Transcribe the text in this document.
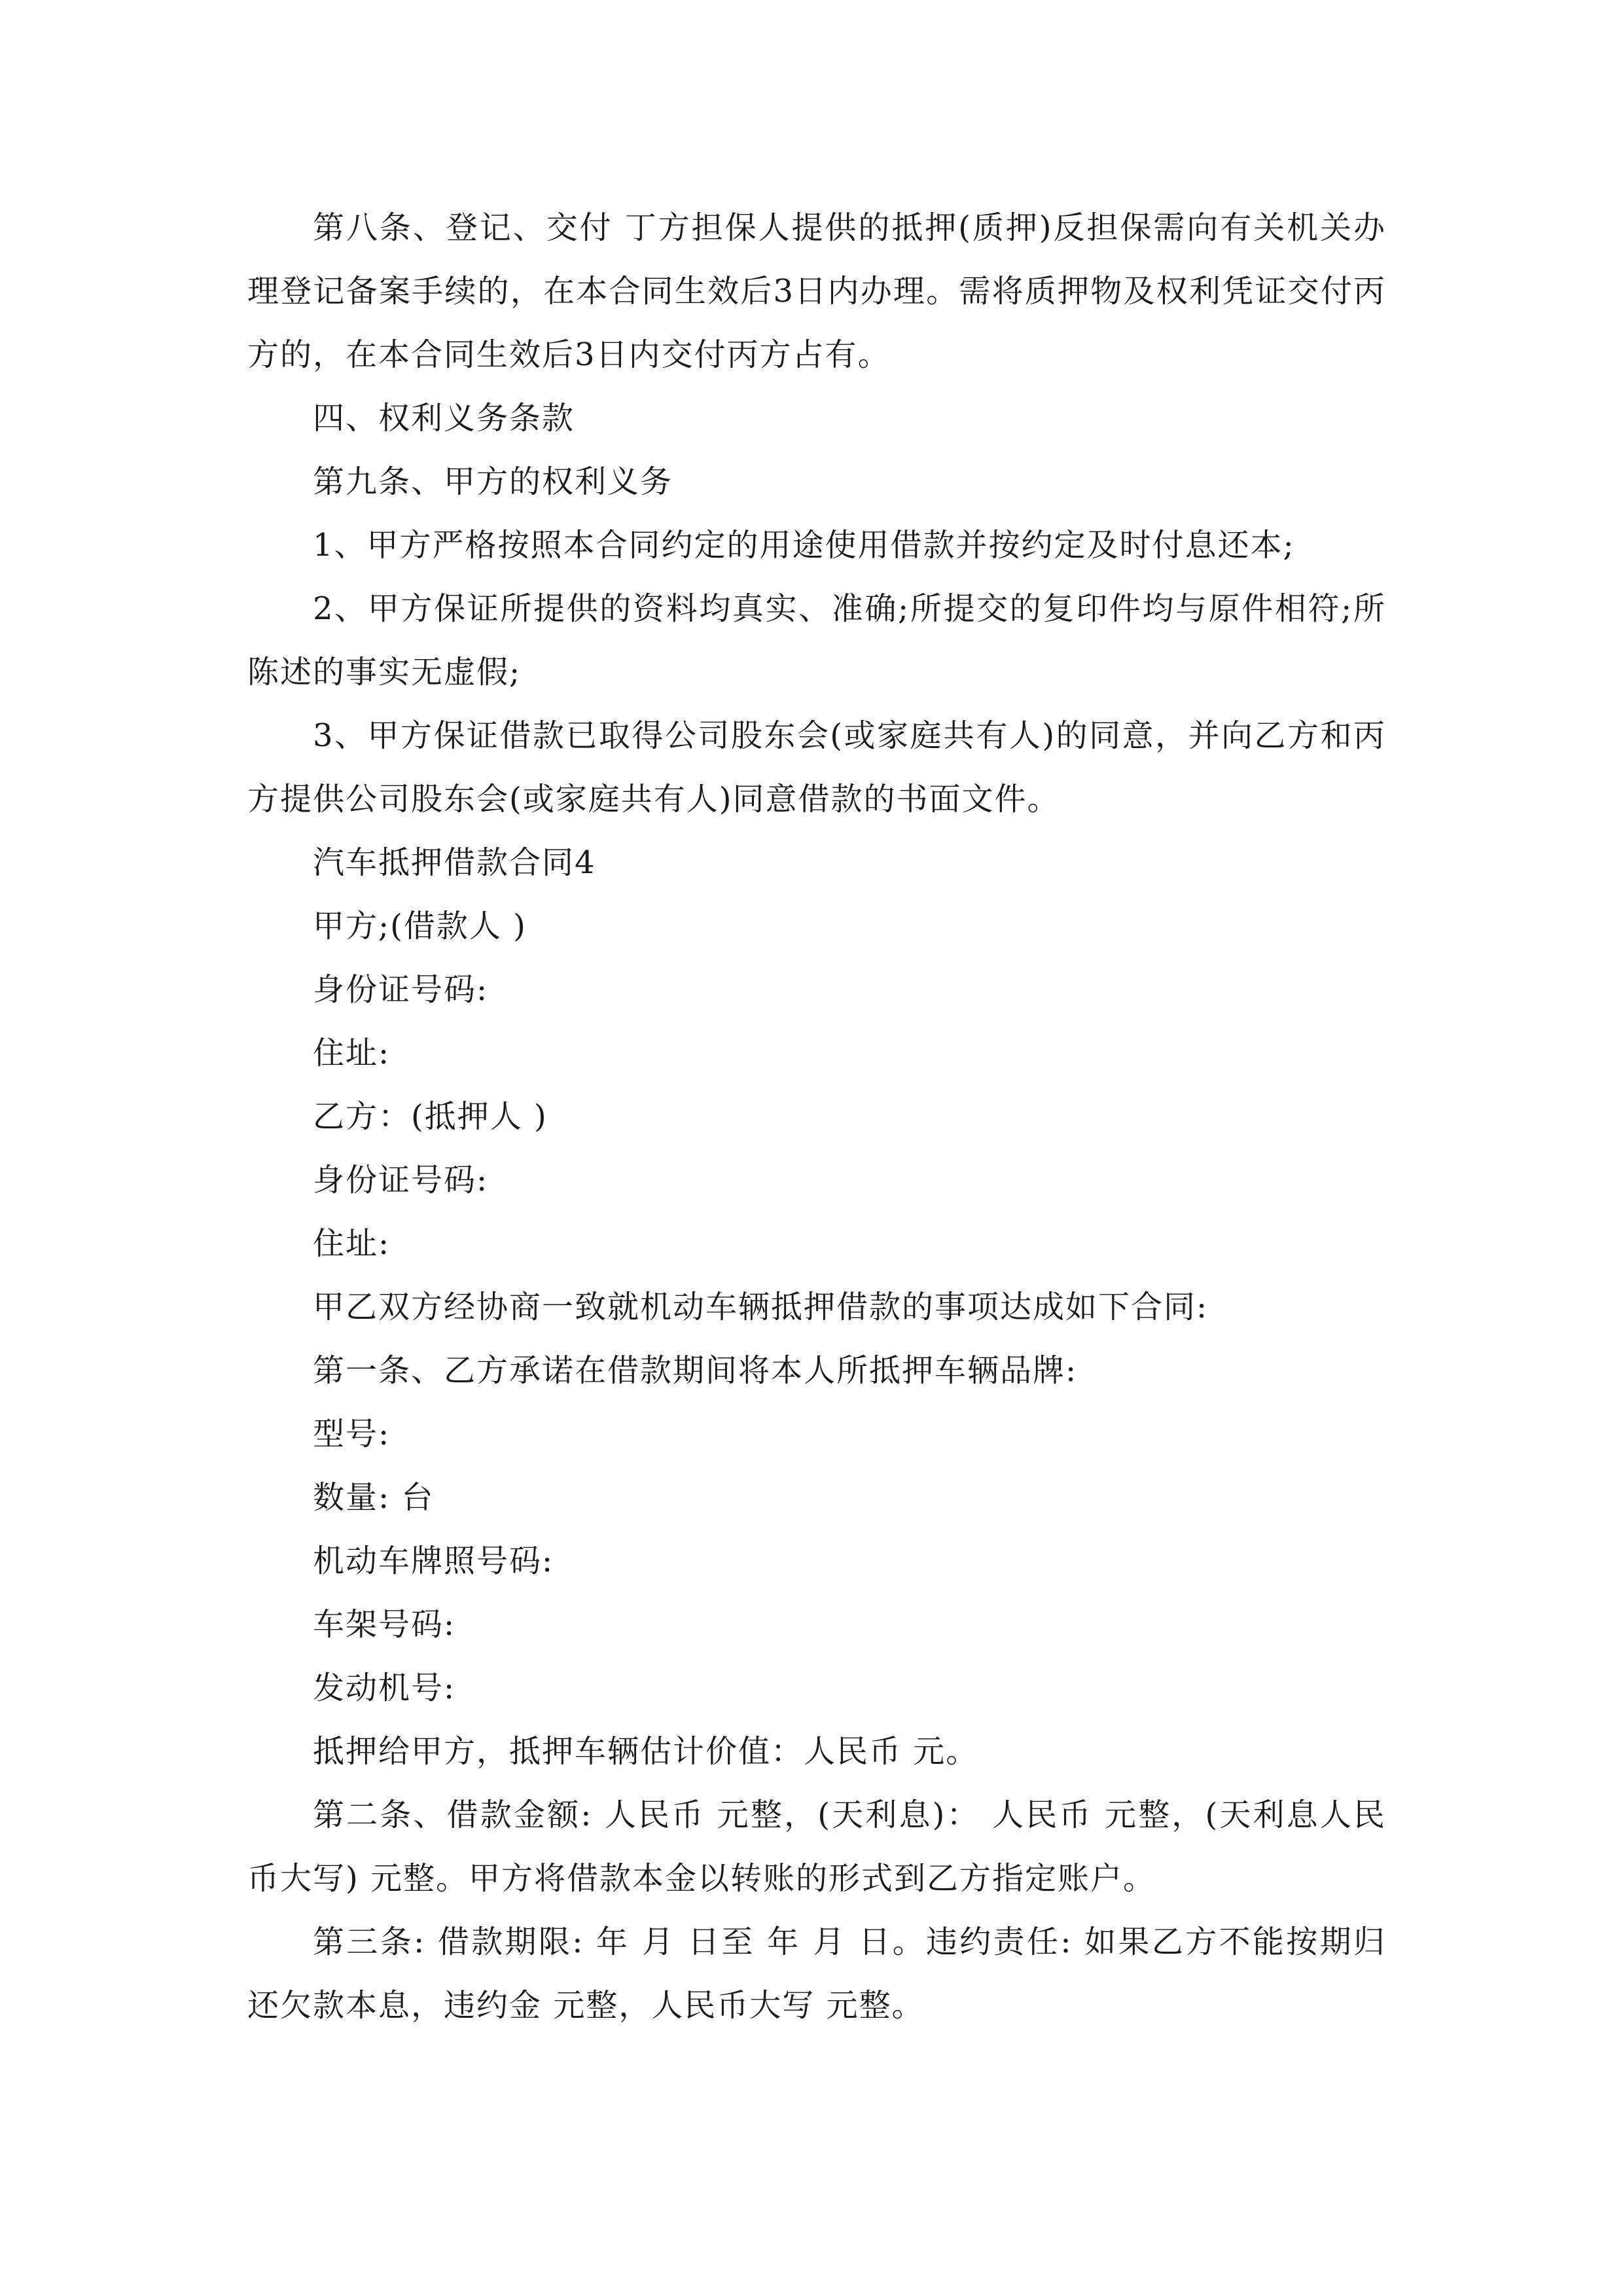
第八条、登记、交付 丁方担保人提供的抵押(质押)反担保需向有关机关办理登记备案手续的，在本合同生效后3日内办理。需将质押物及权利凭证交付丙方的，在本合同生效后3日内交付丙方占有。

四、权利义务条款

第九条、甲方的权利义务

1、甲方严格按照本合同约定的用途使用借款并按约定及时付息还本;

2、甲方保证所提供的资料均真实、准确;所提交的复印件均与原件相符;所陈述的事实无虚假;

3、甲方保证借款已取得公司股东会(或家庭共有人)的同意，并向乙方和丙方提供公司股东会(或家庭共有人)同意借款的书面文件。

汽车抵押借款合同4

甲方;(借款人 )

身份证号码:

住址:

乙方：(抵押人 )

身份证号码:

住址:

甲乙双方经协商一致就机动车辆抵押借款的事项达成如下合同:

第一条、乙方承诺在借款期间将本人所抵押车辆品牌:

型号:

数量: 台

机动车牌照号码:

车架号码:

发动机号:

抵押给甲方，抵押车辆估计价值：人民币 元。

第二条、借款金额: 人民币 元整，(天利息)： 人民币 元整，(天利息人民币大写) 元整。甲方将借款本金以转账的形式到乙方指定账户。

第三条: 借款期限: 年 月 日至 年 月 日。违约责任: 如果乙方不能按期归还欠款本息，违约金 元整，人民币大写 元整。
